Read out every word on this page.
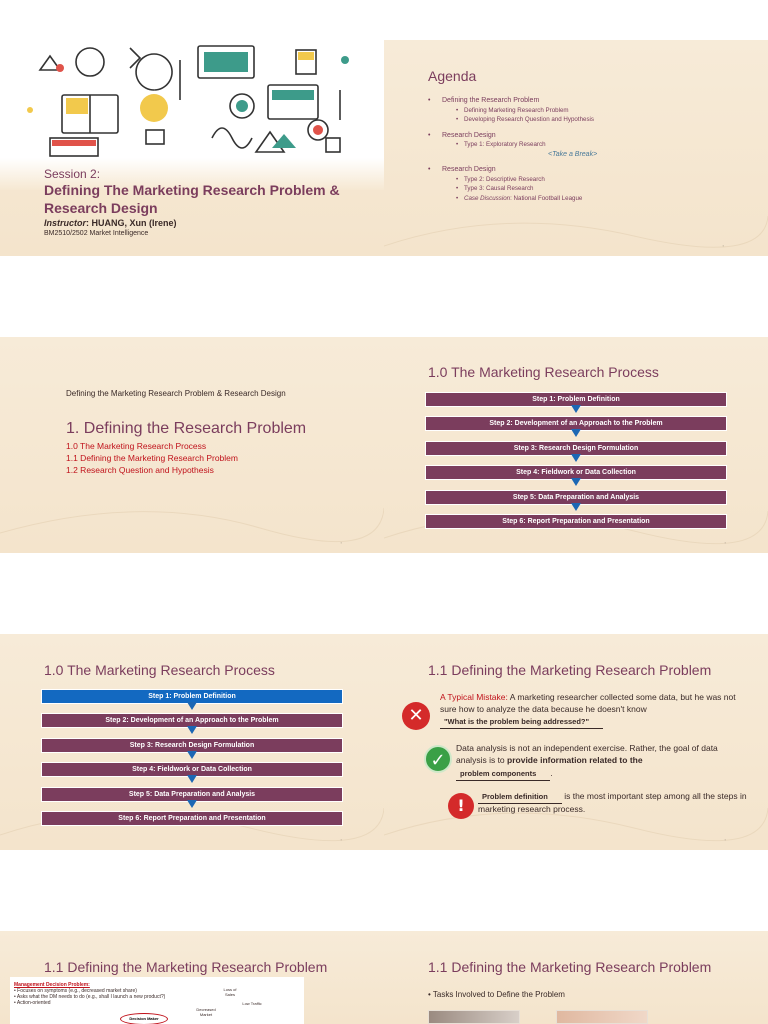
Session 2:
Defining The Marketing Research Problem & Research Design
Instructor: HUANG, Xun (Irene)
BM2510/2502 Market Intelligence
Agenda
• Defining the Research Problem
• Defining Marketing Research Problem
• Developing Research Question and Hypothesis
• Research Design
• Type 1: Exploratory Research
<Take a Break>
• Research Design
• Type 2: Descriptive Research
• Type 3: Causal Research
• Case Discussion: National Football League
▪
Defining the Marketing Research Problem & Research Design
1. Defining the Research Problem
1.0 The Marketing Research Process
1.1 Defining the Marketing Research Problem
1.2 Research Question and Hypothesis
▪
1.0 The Marketing Research Process
Step 1: Problem Definition
Step 2: Development of an Approach to the Problem
Step 3: Research Design Formulation
Step 4: Fieldwork or Data Collection
Step 5: Data Preparation and Analysis
Step 6: Report Preparation and Presentation
▪
1.0 The Marketing Research Process
Step 1: Problem Definition
Step 2: Development of an Approach to the Problem
Step 3: Research Design Formulation
Step 4: Fieldwork or Data Collection
Step 5: Data Preparation and Analysis
Step 6: Report Preparation and Presentation
▪
1.1 Defining the Marketing Research Problem
✕
A Typical Mistake: A marketing researcher collected some data, but he was not sure how to analyze the data because he doesn't know
"What is the problem being addressed?"
✓
Data analysis is not an independent exercise. Rather, the goal of data analysis is to provide information related to the
problem components .
!	Problem definition is the most important step among all the steps in marketing research process.
▪
1.1 Defining the Marketing Research Problem
Management Decision Problem:
• Focuses on symptoms (e.g., decreased market share)
• Asks what the DM needs to do (e.g., shall I launch a new product?)
• Action-oriented
Decision Maker
Loss of Sales
Low Traffic
Decreased Market
1.1 Defining the Marketing Research Problem
• Tasks Involved to Define the Problem
